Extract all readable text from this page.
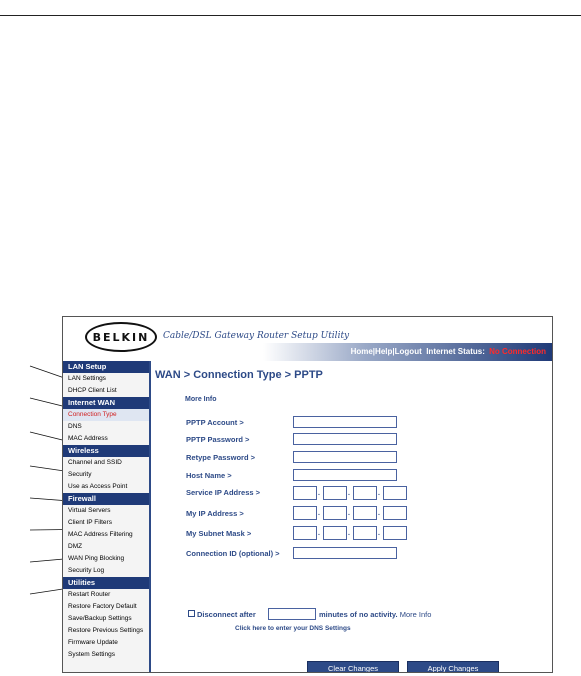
BELKIN	Cable/DSL Gateway Router Setup Utility
Home|Help|Logout Internet Status: No Connection
LAN Setup
LAN Settings
DHCP Client List
Internet WAN
Connection Type
DNS
MAC Address
Wireless
Channel and SSID
Security
Use as Access Point
Firewall
Virtual Servers
Client IP Filters
MAC Address Filtering
DMZ
WAN Ping Blocking
Security Log
Utilities
Restart Router
Restore Factory Default
Save/Backup Settings
Restore Previous Settings
Firmware Update
System Settings
WAN > Connection Type > PPTP
More Info
PPTP Account >
PPTP Password >
Retype Password >
Host Name >
Service IP Address >	.	.	.
My IP Address >	.	.	.
My Subnet Mask >	.	.	.
Connection ID (optional) >
Disconnect after	minutes of no activity. More Info
Click here to enter your DNS Settings
Clear Changes	Apply Changes
